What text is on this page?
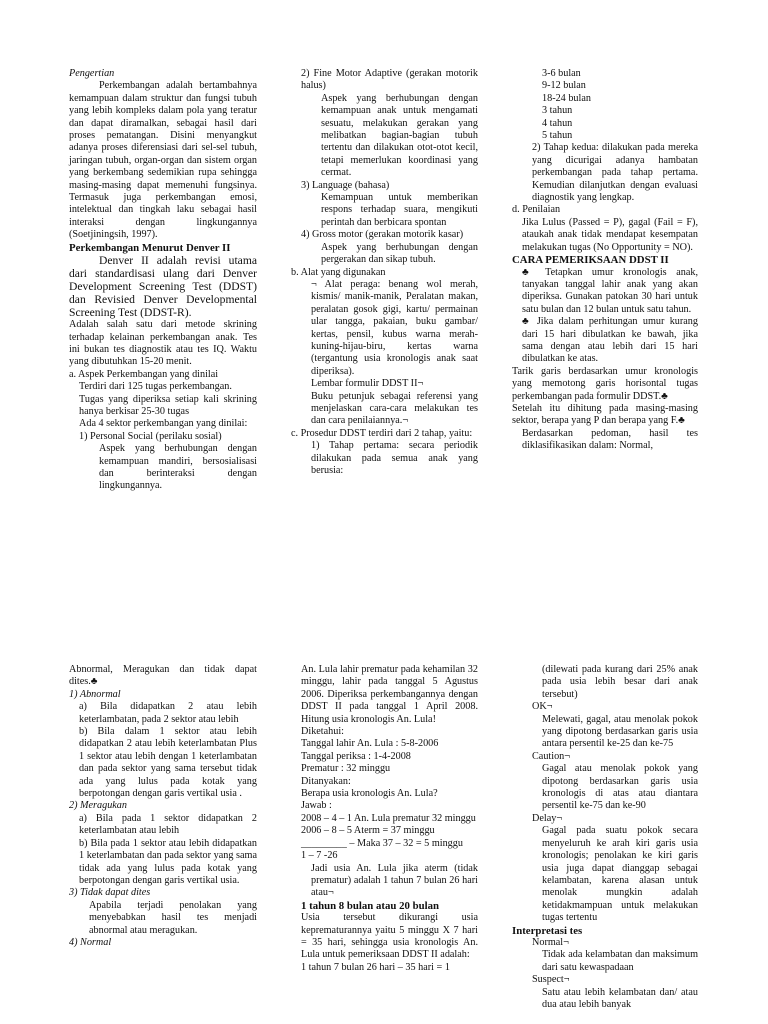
Pengertian

Perkembangan adalah bertambahnya kemampuan dalam struktur dan fungsi tubuh yang lebih kompleks dalam pola yang teratur dan dapat diramalkan, sebagai hasil dari proses pematangan. Disini menyangkut adanya proses diferensiasi dari sel-sel tubuh, jaringan tubuh, organ-organ dan sistem organ yang berkembang sedemikian rupa sehingga masing-masing dapat memenuhi fungsinya. Termasuk juga perkembangan emosi, intelektual dan tingkah laku sebagai hasil interaksi dengan lingkungannya (Soetjiningsih, 1997).

Perkembangan Menurut Denver II

Denver II adalah revisi utama dari standardisasi ulang dari Denver Development Screening Test (DDST) dan Revisied Denver Developmental Screening Test (DDST-R).

Adalah salah satu dari metode skrining terhadap kelainan perkembangan anak. Tes ini bukan tes diagnostik atau tes IQ. Waktu yang dibutuhkan 15-20 menit.

a. Aspek Perkembangan yang dinilai

Terdiri dari 125 tugas perkembangan.

Tugas yang diperiksa setiap kali skrining hanya berkisar 25-30 tugas

Ada 4 sektor perkembangan yang dinilai:

1) Personal Social (perilaku sosial)

Aspek yang berhubungan dengan kemampuan mandiri, bersosialisasi dan berinteraksi dengan lingkungannya.

2) Fine Motor Adaptive (gerakan motorik halus)

Aspek yang berhubungan dengan kemampuan anak untuk mengamati sesuatu, melakukan gerakan yang melibatkan bagian-bagian tubuh tertentu dan dilakukan otot-otot kecil, tetapi memerlukan koordinasi yang cermat.

3) Language (bahasa)

Kemampuan untuk memberikan respons terhadap suara, mengikuti perintah dan berbicara spontan

4) Gross motor (gerakan motorik kasar)

Aspek yang berhubungan dengan pergerakan dan sikap tubuh.

b. Alat yang digunakan

¬ Alat peraga: benang wol merah, kismis/ manik-manik, Peralatan makan, peralatan gosok gigi, kartu/ permainan ular tangga, pakaian, buku gambar/ kertas, pensil, kubus warna merah-kuning-hijau-biru, kertas warna (tergantung usia kronologis anak saat diperiksa).

Lembar formulir DDST II¬

Buku petunjuk sebagai referensi yang menjelaskan cara-cara melakukan tes dan cara penilaiannya.¬

c. Prosedur DDST terdiri dari 2 tahap, yaitu:

1) Tahap pertama: secara periodik dilakukan pada semua anak yang berusia:

3-6 bulan

9-12 bulan

18-24 bulan

3 tahun

4 tahun

5 tahun

2) Tahap kedua: dilakukan pada mereka yang dicurigai adanya hambatan perkembangan pada tahap pertama. Kemudian dilanjutkan dengan evaluasi diagnostik yang lengkap.

d. Penilaian

Jika Lulus (Passed = P), gagal (Fail = F), ataukah anak tidak mendapat kesempatan melakukan tugas (No Opportunity = NO).

CARA PEMERIKSAAN DDST II

♣ Tetapkan umur kronologis anak, tanyakan tanggal lahir anak yang akan diperiksa. Gunakan patokan 30 hari untuk satu bulan dan 12 bulan untuk satu tahun.

♣ Jika dalam perhitungan umur kurang dari 15 hari dibulatkan ke bawah, jika sama dengan atau lebih dari 15 hari dibulatkan ke atas.

Tarik garis berdasarkan umur kronologis yang memotong garis horisontal tugas perkembangan pada formulir DDST.♣

Setelah itu dihitung pada masing-masing sektor, berapa yang P dan berapa yang F.♣

Berdasarkan pedoman, hasil tes diklasifikasikan dalam: Normal,

Abnormal, Meragukan dan tidak dapat dites.♣

1) Abnormal

a) Bila didapatkan 2 atau lebih keterlambatan, pada 2 sektor atau lebih

b) Bila dalam 1 sektor atau lebih didapatkan 2 atau lebih keterlambatan Plus 1 sektor atau lebih dengan 1 keterlambatan dan pada sektor yang sama tersebut tidak ada yang lulus pada kotak yang berpotongan dengan garis vertikal usia .

2) Meragukan

a) Bila pada 1 sektor didapatkan 2 keterlambatan atau lebih

b) Bila pada 1 sektor atau lebih didapatkan 1 keterlambatan dan pada sektor yang sama tidak ada yang lulus pada kotak yang berpotongan dengan garis vertikal usia.

3) Tidak dapat dites

Apabila terjadi penolakan yang menyebabkan hasil tes menjadi abnormal atau meragukan.

4) Normal

An. Lula lahir prematur pada kehamilan 32 minggu, lahir pada tanggal 5 Agustus 2006. Diperiksa perkembangannya dengan DDST II pada tanggal 1 April 2008. Hitung usia kronologis An. Lula!

Diketahui:

Tanggal lahir An. Lula : 5-8-2006

Tanggal periksa : 1-4-2008

Prematur : 32 minggu

Ditanyakan:

Berapa usia kronologis An. Lula?

Jawab :

2008 – 4 – 1 An. Lula prematur 32 minggu

2006 – 8 – 5 Aterm = 37 minggu

_________ – Maka 37 – 32 = 5 minggu

1 – 7 -26

Jadi usia An. Lula jika aterm (tidak prematur) adalah 1 tahun 7 bulan 26 hari atau¬

1 tahun 8 bulan atau 20 bulan

Usia tersebut dikurangi usia keprematurannya yaitu 5 minggu X 7 hari = 35 hari, sehingga usia kronologis An. Lula untuk pemeriksaan DDST II adalah:

1 tahun 7 bulan 26 hari – 35 hari = 1

(dilewati pada kurang dari 25% anak pada usia lebih besar dari anak tersebut)

OK¬

Melewati, gagal, atau menolak pokok yang dipotong berdasarkan garis usia antara persentil ke-25 dan ke-75

Caution¬

Gagal atau menolak pokok yang dipotong berdasarkan garis usia kronologis di atas atau diantara persentil ke-75 dan ke-90

Delay¬

Gagal pada suatu pokok secara menyeluruh ke arah kiri garis usia kronologis; penolakan ke kiri garis usia juga dapat dianggap sebagai kelambatan, karena alasan untuk menolak mungkin adalah ketidakmampuan untuk melakukan tugas tertentu

Interpretasi tes

Normal¬

Tidak ada kelambatan dan maksimum dari satu kewaspadaan

Suspect¬

Satu atau lebih kelambatan dan/ atau dua atau lebih banyak
